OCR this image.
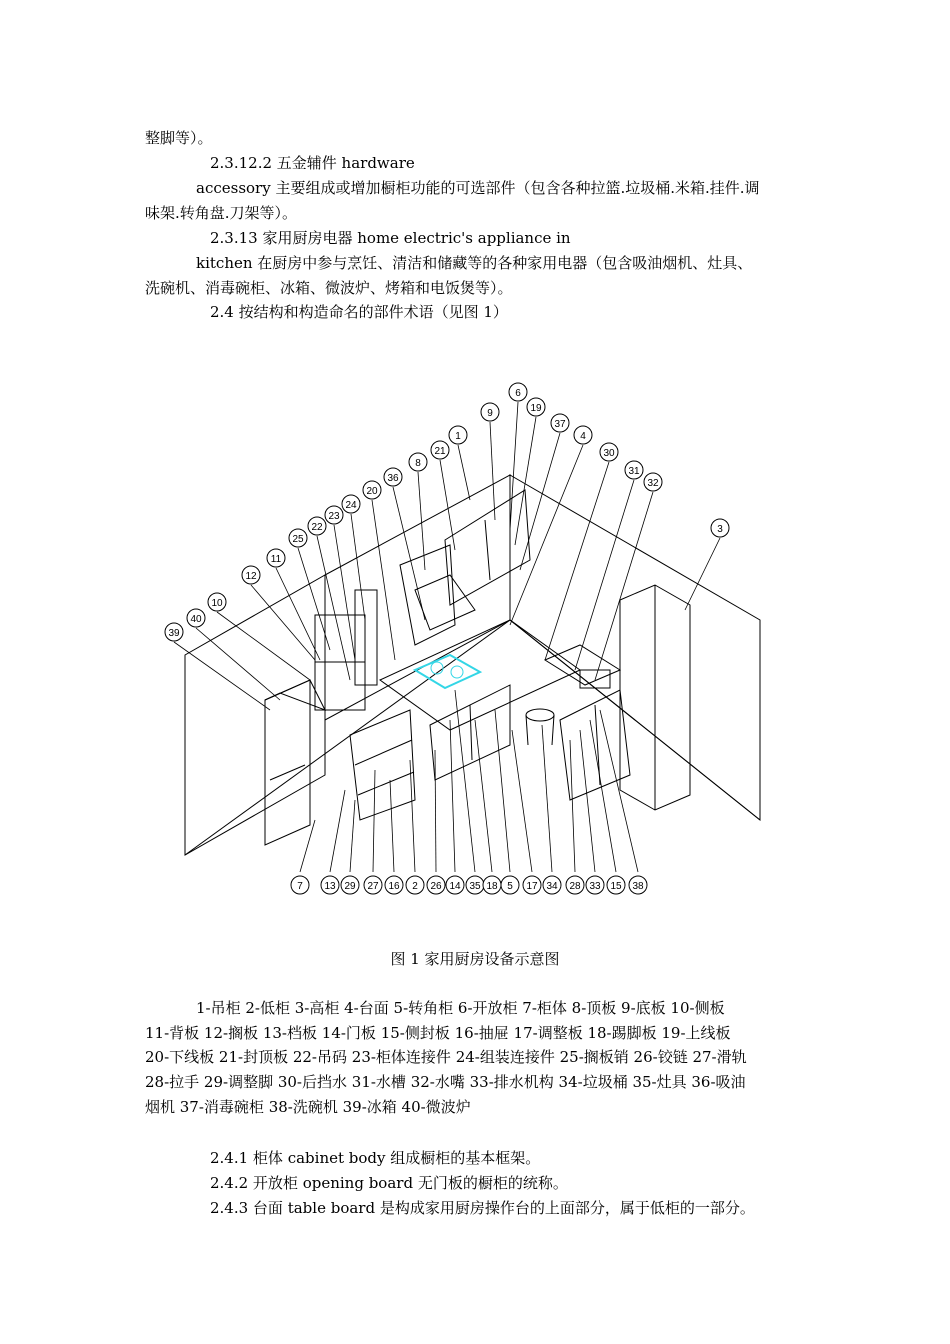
整脚等）。
2.3.12.2 五金辅件 hardware
accessory 主要组成或增加橱柜功能的可选部件（包含各种拉篮.垃圾桶.米箱.挂件.调
味架.转角盘.刀架等）。
2.3.13 家用厨房电器 home electric's appliance in
kitchen 在厨房中参与烹饪、清洁和储藏等的各种家用电器（包含吸油烟机、灶具、
洗碗机、消毒碗柜、冰箱、微波炉、烤箱和电饭煲等）。
2.4 按结构和构造命名的部件术语（见图 1）
6
19
9
37
4
1
21
8
30
31
36
20
32
24
23
22	3
25
11
12
10
40
39
7 13 29 27 16 2 26 14 35 18 5 17 34 28 33 15 38
图 1 家用厨房设备示意图
1-吊柜 2-低柜 3-高柜 4-台面 5-转角柜 6-开放柜 7-柜体 8-顶板 9-底板 10-侧板
11-背板 12-搁板 13-档板 14-门板 15-侧封板 16-抽屉 17-调整板 18-踢脚板 19-上线板
20-下线板 21-封顶板 22-吊码 23-柜体连接件 24-组装连接件 25-搁板销 26-铰链 27-滑轨
28-拉手 29-调整脚 30-后挡水 31-水槽 32-水嘴 33-排水机构 34-垃圾桶 35-灶具 36-吸油
烟机 37-消毒碗柜 38-洗碗机 39-冰箱 40-微波炉
2.4.1 柜体 cabinet body 组成橱柜的基本框架。
2.4.2 开放柜 opening board 无门板的橱柜的统称。
2.4.3 台面 table board 是构成家用厨房操作台的上面部分，属于低柜的一部分。
